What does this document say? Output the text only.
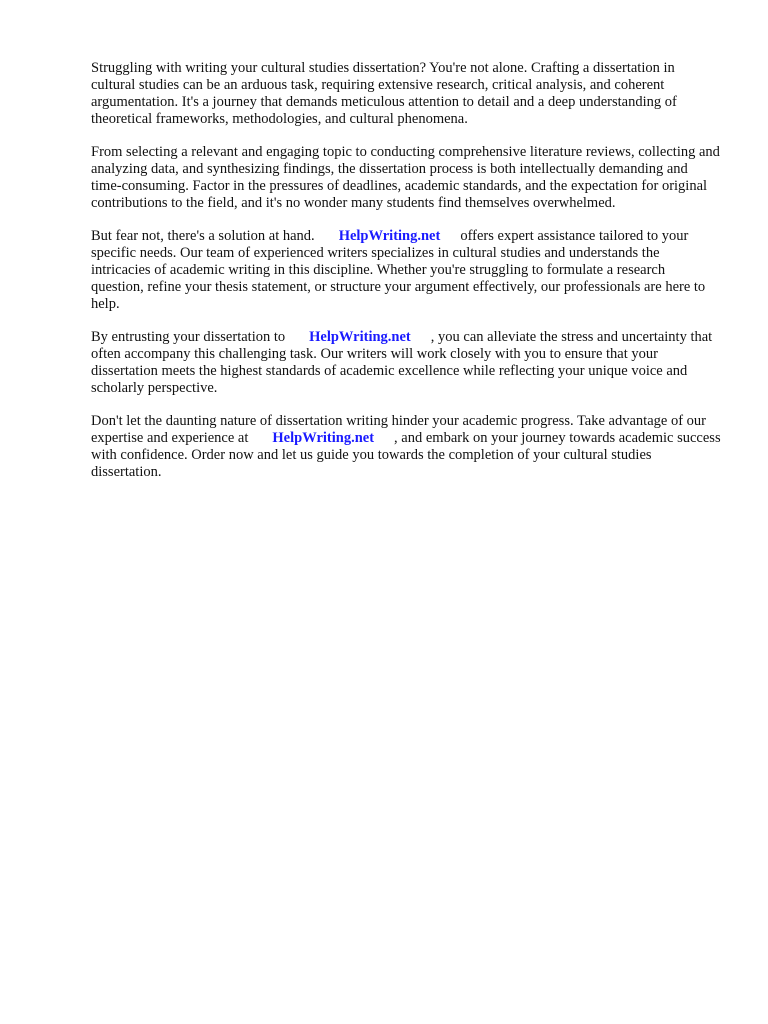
Struggling with writing your cultural studies dissertation? You're not alone. Crafting a dissertation in cultural studies can be an arduous task, requiring extensive research, critical analysis, and coherent argumentation. It's a journey that demands meticulous attention to detail and a deep understanding of theoretical frameworks, methodologies, and cultural phenomena.

From selecting a relevant and engaging topic to conducting comprehensive literature reviews, collecting and analyzing data, and synthesizing findings, the dissertation process is both intellectually demanding and time-consuming. Factor in the pressures of deadlines, academic standards, and the expectation for original contributions to the field, and it's no wonder many students find themselves overwhelmed.

But fear not, there's a solution at hand. HelpWriting.net offers expert assistance tailored to your specific needs. Our team of experienced writers specializes in cultural studies and understands the intricacies of academic writing in this discipline. Whether you're struggling to formulate a research question, refine your thesis statement, or structure your argument effectively, our professionals are here to help.

By entrusting your dissertation to HelpWriting.net , you can alleviate the stress and uncertainty that often accompany this challenging task. Our writers will work closely with you to ensure that your dissertation meets the highest standards of academic excellence while reflecting your unique voice and scholarly perspective.

Don't let the daunting nature of dissertation writing hinder your academic progress. Take advantage of our expertise and experience at HelpWriting.net , and embark on your journey towards academic success with confidence. Order now and let us guide you towards the completion of your cultural studies dissertation.
